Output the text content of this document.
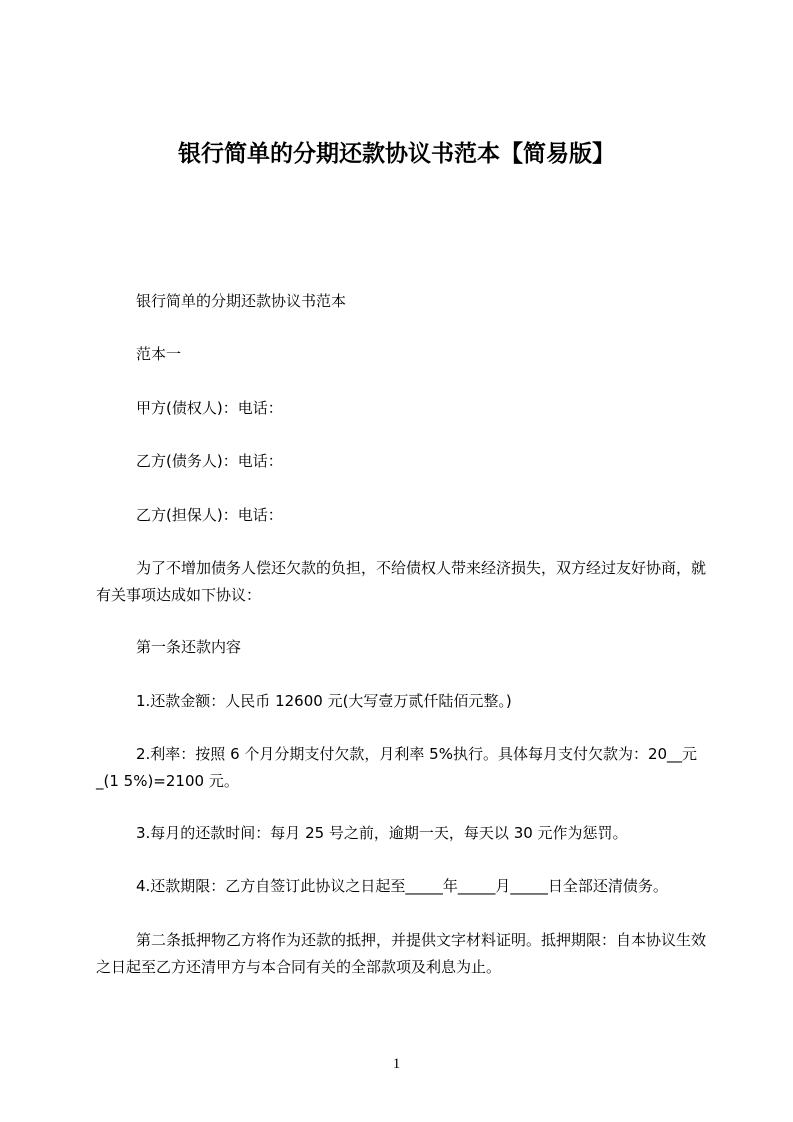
银行简单的分期还款协议书范本【简易版】

银行简单的分期还款协议书范本

范本一

甲方(债权人)：电话：

乙方(债务人)：电话：

乙方(担保人)：电话：

为了不增加债务人偿还欠款的负担，不给债权人带来经济损失，双方经过友好协商，就有关事项达成如下协议：

第一条还款内容

1.还款金额：人民币 12600 元(大写壹万贰仟陆佰元整。)

2.利率：按照 6 个月分期支付欠款，月利率 5%执行。具体每月支付欠款为：20__元_(1 5%)=2100 元。

3.每月的还款时间：每月 25 号之前，逾期一天，每天以 30 元作为惩罚。

4.还款期限：乙方自签订此协议之日起至_____年_____月_____日全部还清债务。

第二条抵押物乙方将作为还款的抵押，并提供文字材料证明。抵押期限：自本协议生效之日起至乙方还清甲方与本合同有关的全部款项及利息为止。

1
